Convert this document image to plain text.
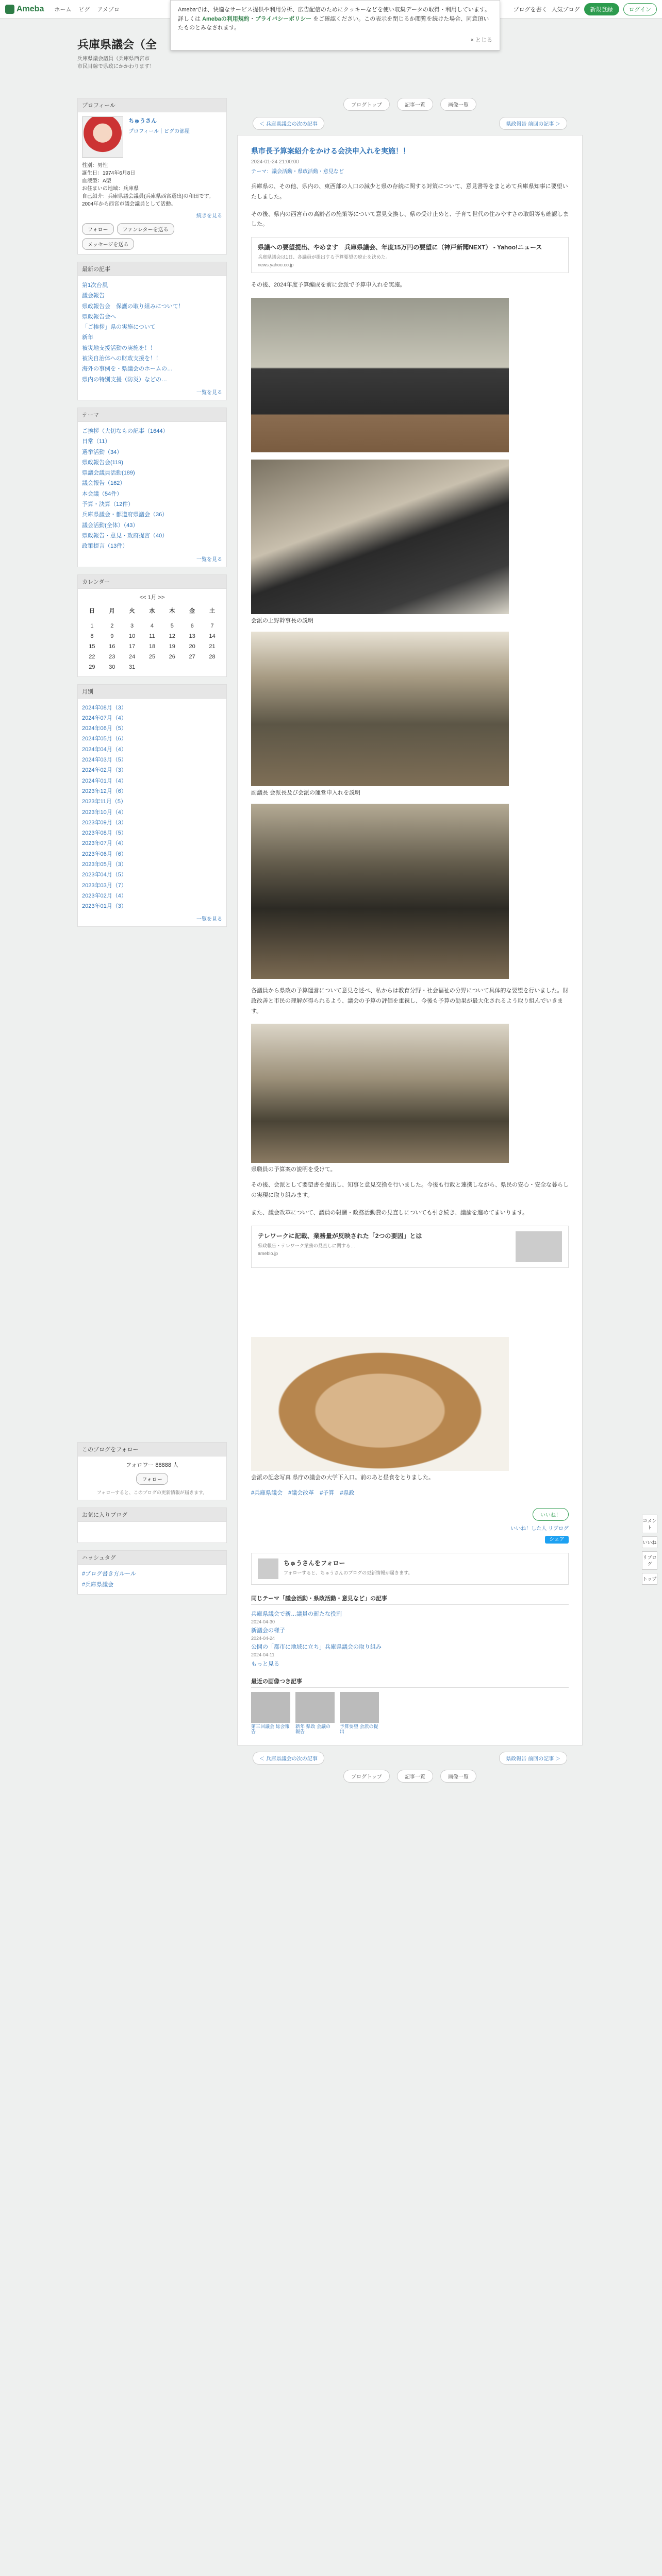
Ameba ホーム ピグ アメブロ	ブログを書く 人気ブログ	新規登録	ログイン
Amebaでは、快適なサービス提供や利用分析、広告配信のためにクッキーなどを使い収集データの取得・利用しています。詳しくは Amebaの利用規約・プライバシーポリシー をご確認ください。この表示を閉じるか閲覧を続けた場合、同意頂いたものとみなされます。
× とじる
兵庫県議会（全
兵庫県議会議員（兵庫県西宮市
市民目線で県政にかかわります！
プロフィール
ちゅうさん
プロフィール｜ピグの部屋
性別：男性
誕生日：1974年6月8日
血液型：A型
お住まいの地域：兵庫県
自己紹介：兵庫県議会議員(兵庫県西宮選出)の和田です。2004年から西宮市議会議員として活動。
続きを見る
フォロー	ファンレターを送る
メッセージを送る
最新の記事
第1次台風
議会報告
県政報告会　保護の取り組みについて！
県政報告会へ
「ご挨拶」県の実施について
新年
被災地支援活動の実施を！！
被災自治体への財政支援を！！
海外の事例を・県議会のホームの…
県内の特別支援（防災）などの…
一覧を見る
テーマ
ご挨拶（大切なもの記事（1644）
日常（11）
選挙活動（34）
県政報告会(119)
県議会議員活動(189)
議会報告（162）
本会議（54件）
予算・決算（12件）
兵庫県議会・都道府県議会（36）
議会活動(全体）（43）
県政報告・意見・政府提言（40）
政策提言（13件）
一覧を見る
カレンダー
<< 1月 >>
日	月	火	水	木	金	土

1	2	3	4	5	6	7
8	9	10	11	12	13	14
15	16	17	18	19	20	21
22	23	24	25	26	27	28
29	30	31				
月別
2024年08月（3）
2024年07月（4）
2024年06月（5）
2024年05月（6）
2024年04月（4）
2024年03月（5）
2024年02月（3）
2024年01月（4）
2023年12月（6）
2023年11月（5）
2023年10月（4）
2023年09月（3）
2023年08月（5）
2023年07月（4）
2023年06月（6）
2023年05月（3）
2023年04月（5）
2023年03月（7）
2023年02月（4）
2023年01月（3）
一覧を見る
このブログをフォロー
フォロワー 88888 人
フォロー
フォローすると、このブログの更新情報が届きます。
お気に入りブログ
ハッシュタグ
#ブログ書き方ルール
#兵庫県議会
ブログトップ	記事一覧	画像一覧
＜ 兵庫県議会の次の記事	県政報告 前回の記事 ＞
県市長予算案紹介をかける会決申入れを実施！！
2024-01-24 21:00:00
テーマ：議会活動・県政活動・意見など

兵庫県の、その他、県内の、東西部の人口の減少と県の存続に関する対策について、意見書等をまとめて兵庫県知事に要望いたしました。

その後、県内の西宮市の高齢者の施策等について意見交換し、県の受け止めと、子育て世代の住みやすさの取組等も確認しました。

県議への要望提出、やめます　兵庫県議会、年度15万円の要望に（神戸新聞NEXT） - Yahoo!ニュース
兵庫県議会は1日、各議員が提出する予算要望の廃止を決めた。
news.yahoo.co.jp

その後、2024年度予算編成を前に会派で予算申入れを実施。

会派の上野幹事長の説明
副議長 会派長及び会派の運営申入れを説明

各議員から県政の予算運営について意見を述べ、私からは教育分野・社会福祉の分野について具体的な要望を行いました。財政改善と市民の理解が得られるよう、議会の予算の評価を重視し、今後も予算の効果が最大化されるよう取り組んでいきます。

県職員の予算案の説明を受けて。

その後、会派として要望書を提出し、知事と意見交換を行いました。今後も行政と連携しながら、県民の安心・安全な暮らしの実現に取り組みます。

また、議会改革について、議員の報酬・政務活動費の見直しについても引き続き、議論を進めてまいります。

テレワークに記載、業務量が反映された「2つの要因」とは
県政報告・テレワーク業務の見直しに関する…
ameblo.jp
会派の記念写真 県庁の議会の大学下入口。前のあと昼食をとりました。

#兵庫県議会　#議会改革　#予算　#県政

いいね！
いいね！した人 リブログ
シェア
ちゅうさんをフォロー
フォローすると、ちゅうさんのブログの更新情報が届きます。
同じテーマ「議会活動・県政活動・意見など」の記事
兵庫県議会で新…議員の新たな役割
2024-04-30
新議会の様子
2024-04-24
公開の「都市に地域に立ち」兵庫県議会の取り組み
2024-04-11
もっと見る
最近の画像つき記事
第三回議会 総会報告
新年 県政 会議の報告
予算要望 会派の提出
＜ 兵庫県議会の次の記事	県政報告 前回の記事 ＞
ブログトップ	記事一覧	画像一覧
コメント
いいね
リブログ
トップ
